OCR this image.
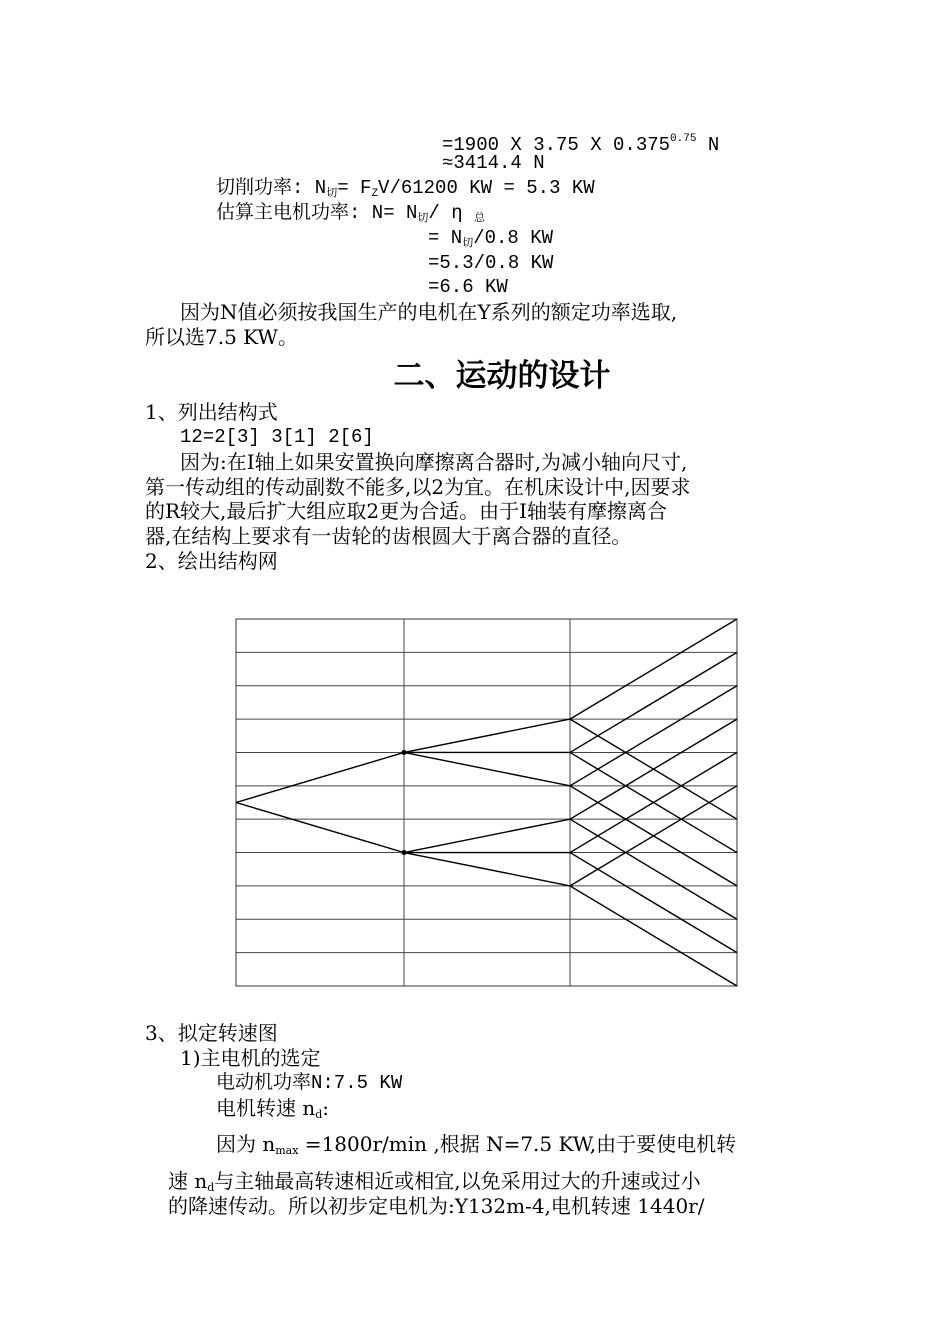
=1900 X 3.75 X $0.375^{0.75}$ N
≈3414.4 N
切削功率: $N_切= F_ZV/61200$ KW = 5.3 KW
估算主电机功率: $N= N_切/$ η $_总$
= $N_切/0.8$ KW
=5.3/0.8 KW
=6.6 KW
因为N值必须按我国生产的电机在Y系列的额定功率选取,
所以选7.5 KW。
二、运动的设计
1、列出结构式
12=2[3] 3[1] 2[6]
因为:在Ⅰ轴上如果安置换向摩擦离合器时,为减小轴向尺寸,
第一传动组的传动副数不能多,以2为宜。在机床设计中,因要求
的R较大,最后扩大组应取2更为合适。由于Ⅰ轴装有摩擦离合
器,在结构上要求有一齿轮的齿根圆大于离合器的直径。
2、绘出结构网
3、拟定转速图
1)主电机的选定
电动机功率N:7.5 KW
电机转速 $n_d$:
因为 $n_{max} =1800r/\min$ ,根据 N=7.5 KW,由于要使电机转
速 $n_d$与主轴最高转速相近或相宜,以免采用过大的升速或过小
的降速传动。所以初步定电机为:Y132m-4,电机转速 1440r/
